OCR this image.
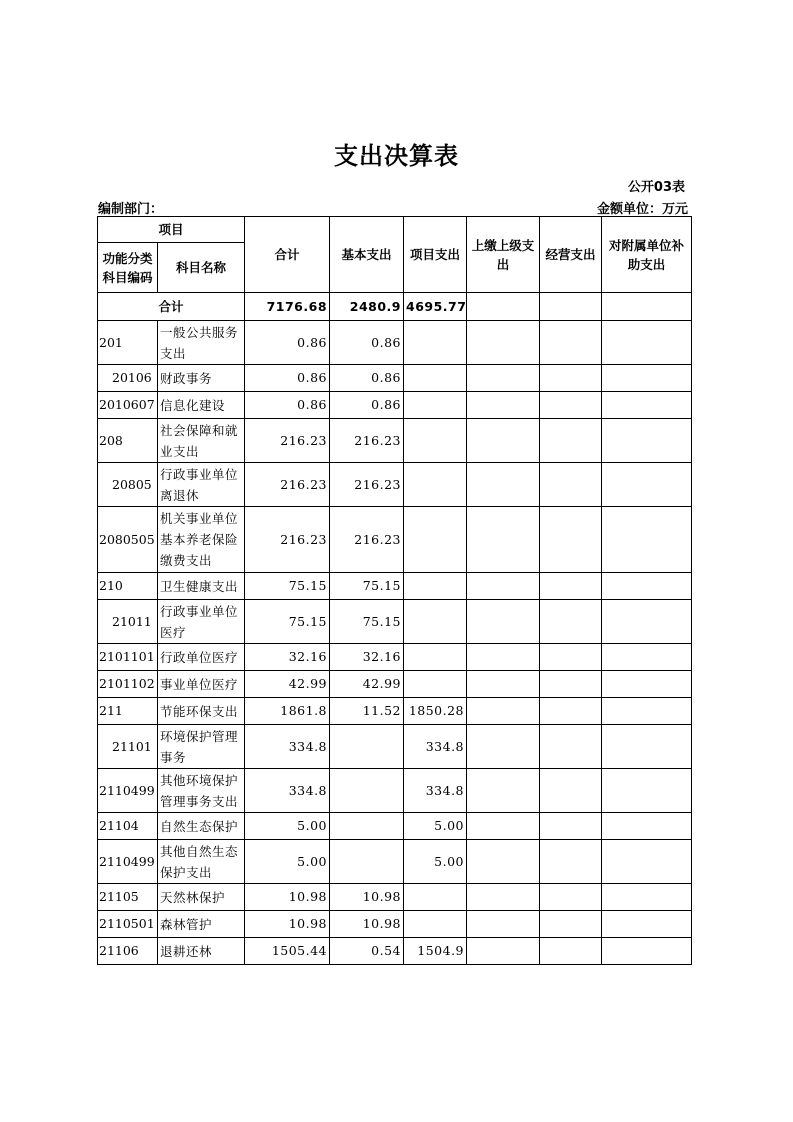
支出决算表
公开03表
编制部门：	金额单位：万元
项目		合计	基本支出	项目支出	上缴上级支出	经营支出	对附属单位补助支出
功能分类科目编码	科目名称						
合计		7176.68	2480.9	4695.77			
201	一般公共服务支出	0.86	0.86				
20106	财政事务	0.86	0.86				
2010607	信息化建设	0.86	0.86				
208	社会保障和就业支出	216.23	216.23				
20805	行政事业单位离退休	216.23	216.23				
2080505	机关事业单位基本养老保险缴费支出	216.23	216.23				
210	卫生健康支出	75.15	75.15				
21011	行政事业单位医疗	75.15	75.15				
2101101	行政单位医疗	32.16	32.16				
2101102	事业单位医疗	42.99	42.99				
211	节能环保支出	1861.8	11.52	1850.28			
21101	环境保护管理事务	334.8		334.8			
2110499	其他环境保护管理事务支出	334.8		334.8			
21104	自然生态保护	5.00		5.00			
2110499	其他自然生态保护支出	5.00		5.00			
21105	天然林保护	10.98	10.98				
2110501	森林管护	10.98	10.98				
21106	退耕还林	1505.44	0.54	1504.9			
